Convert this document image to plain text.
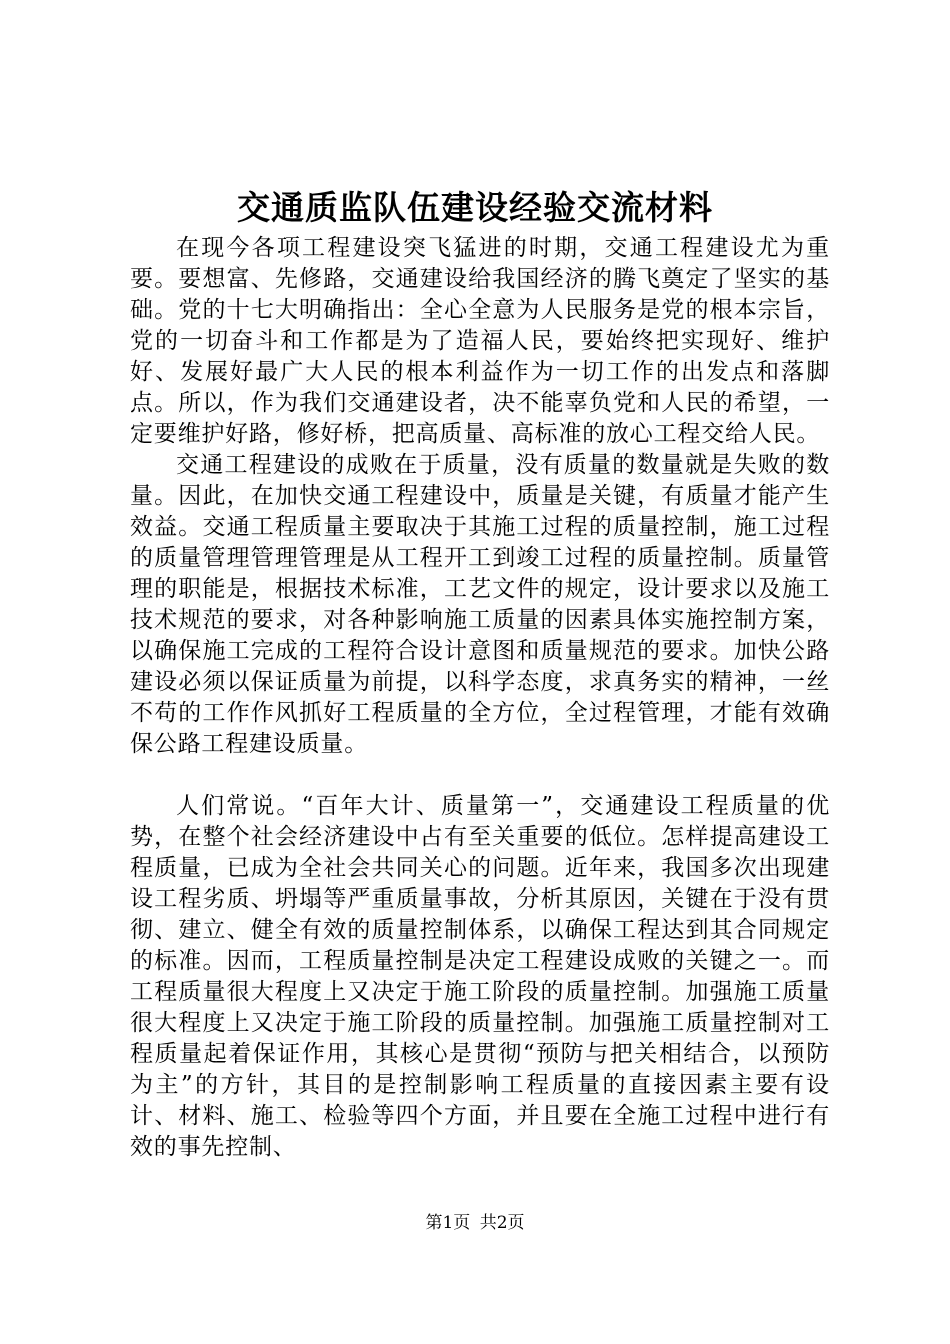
交通质监队伍建设经验交流材料

在现今各项工程建设突飞猛进的时期，交通工程建设尤为重要。要想富、先修路，交通建设给我国经济的腾飞奠定了坚实的基础。党的十七大明确指出：全心全意为人民服务是党的根本宗旨，党的一切奋斗和工作都是为了造福人民，要始终把实现好、维护好、发展好最广大人民的根本利益作为一切工作的出发点和落脚点。所以，作为我们交通建设者，决不能辜负党和人民的希望，一定要维护好路，修好桥，把高质量、高标准的放心工程交给人民。

交通工程建设的成败在于质量，没有质量的数量就是失败的数量。因此，在加快交通工程建设中，质量是关键，有质量才能产生效益。交通工程质量主要取决于其施工过程的质量控制，施工过程的质量管理管理管理是从工程开工到竣工过程的质量控制。质量管理的职能是，根据技术标准，工艺文件的规定，设计要求以及施工技术规范的要求，对各种影响施工质量的因素具体实施控制方案，以确保施工完成的工程符合设计意图和质量规范的要求。加快公路建设必须以保证质量为前提，以科学态度，求真务实的精神，一丝不苟的工作作风抓好工程质量的全方位，全过程管理，才能有效确保公路工程建设质量。

人们常说。“百年大计、质量第一”，交通建设工程质量的优势，在整个社会经济建设中占有至关重要的低位。怎样提高建设工程质量，已成为全社会共同关心的问题。近年来，我国多次出现建设工程劣质、坍塌等严重质量事故，分析其原因，关键在于没有贯彻、建立、健全有效的质量控制体系，以确保工程达到其合同规定的标准。因而，工程质量控制是决定工程建设成败的关键之一。而工程质量很大程度上又决定于施工阶段的质量控制。加强施工质量很大程度上又决定于施工阶段的质量控制。加强施工质量控制对工程质量起着保证作用，其核心是贯彻“预防与把关相结合，以预防为主”的方针，其目的是控制影响工程质量的直接因素主要有设计、材料、施工、检验等四个方面，并且要在全施工过程中进行有效的事先控制、

第1页 共2页
